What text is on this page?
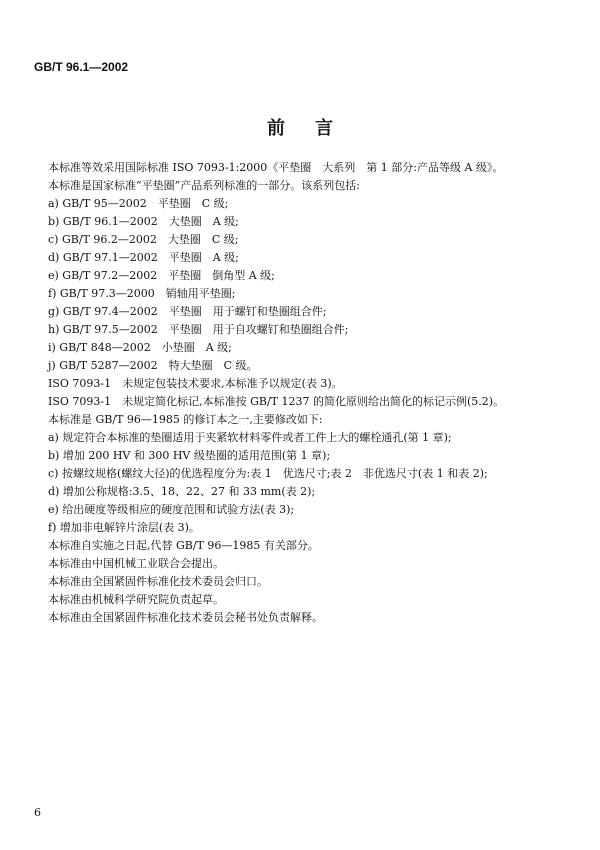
GB/T 96.1—2002
前言
本标准等效采用国际标准 ISO 7093-1:2000《平垫圈　大系列　第 1 部分:产品等级 A 级》。
本标准是国家标准“平垫圈”产品系列标准的一部分。该系列包括:
a) GB/T 95—2002　平垫圈　C 级;
b) GB/T 96.1—2002　大垫圈　A 级;
c) GB/T 96.2—2002　大垫圈　C 级;
d) GB/T 97.1—2002　平垫圈　A 级;
e) GB/T 97.2—2002　平垫圈　倒角型 A 级;
f) GB/T 97.3—2000　销轴用平垫圈;
g) GB/T 97.4—2002　平垫圈　用于螺钉和垫圈组合件;
h) GB/T 97.5—2002　平垫圈　用于自攻螺钉和垫圈组合件;
i) GB/T 848—2002　小垫圈　A 级;
j) GB/T 5287—2002　特大垫圈　C 级。
ISO 7093-1　未规定包装技术要求,本标准予以规定(表 3)。
ISO 7093-1　未规定简化标记,本标准按 GB/T 1237 的简化原则给出简化的标记示例(5.2)。
本标准是 GB/T 96—1985 的修订本之一,主要修改如下:
a) 规定符合本标准的垫圈适用于夹紧软材料零件或者工件上大的螺栓通孔(第 1 章);
b) 增加 200 HV 和 300 HV 级垫圈的适用范围(第 1 章);
c) 按螺纹规格(螺纹大径)的优选程度分为:表 1　优选尺寸;表 2　非优选尺寸(表 1 和表 2);
d) 增加公称规格:3.5、18、22、27 和 33 mm(表 2);
e) 给出硬度等级相应的硬度范围和试验方法(表 3);
f) 增加非电解锌片涂层(表 3)。
本标准自实施之日起,代替 GB/T 96—1985 有关部分。
本标准由中国机械工业联合会提出。
本标准由全国紧固件标准化技术委员会归口。
本标准由机械科学研究院负责起草。
本标准由全国紧固件标准化技术委员会秘书处负责解释。
6
